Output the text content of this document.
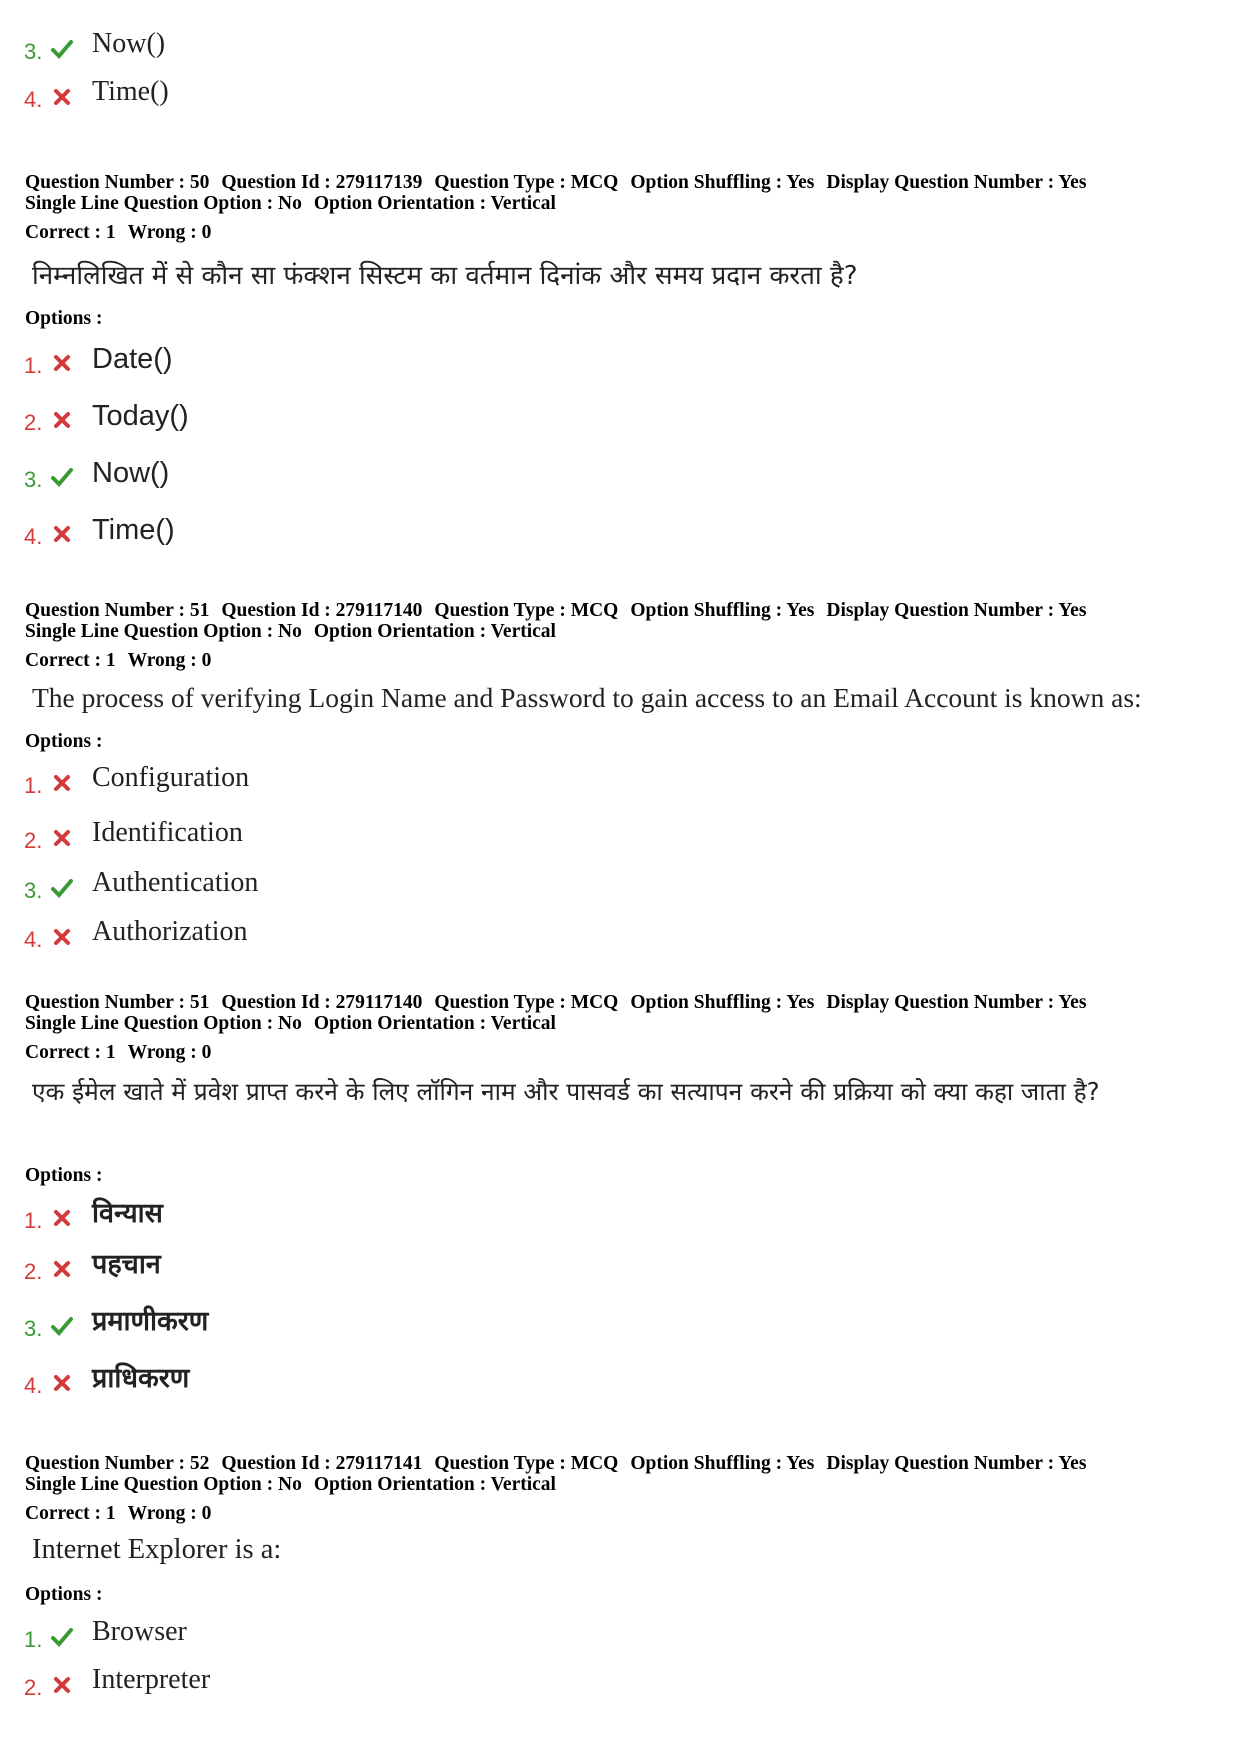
3. Now()
4. Time()
Question Number : 50 Question Id : 279117139 Question Type : MCQ Option Shuffling : Yes Display Question Number : Yes
Single Line Question Option : No Option Orientation : Vertical
Correct : 1 Wrong : 0
निम्नलिखित में से कौन सा फंक्शन सिस्टम का वर्तमान दिनांक और समय प्रदान करता है?
Options :
1. Date()
2. Today()
3. Now()
4. Time()
Question Number : 51 Question Id : 279117140 Question Type : MCQ Option Shuffling : Yes Display Question Number : Yes
Single Line Question Option : No Option Orientation : Vertical
Correct : 1 Wrong : 0
The process of verifying Login Name and Password to gain access to an Email Account is known as:
Options :
1. Configuration
2. Identification
3. Authentication
4. Authorization
Question Number : 51 Question Id : 279117140 Question Type : MCQ Option Shuffling : Yes Display Question Number : Yes
Single Line Question Option : No Option Orientation : Vertical
Correct : 1 Wrong : 0
एक ईमेल खाते में प्रवेश प्राप्त करने के लिए लॉगिन नाम और पासवर्ड का सत्यापन करने की प्रक्रिया को क्या कहा जाता है?
Options :
1. विन्यास
2. पहचान
3. प्रमाणीकरण
4. प्राधिकरण
Question Number : 52 Question Id : 279117141 Question Type : MCQ Option Shuffling : Yes Display Question Number : Yes
Single Line Question Option : No Option Orientation : Vertical
Correct : 1 Wrong : 0
Internet Explorer is a:
Options :
1. Browser
2. Interpreter
